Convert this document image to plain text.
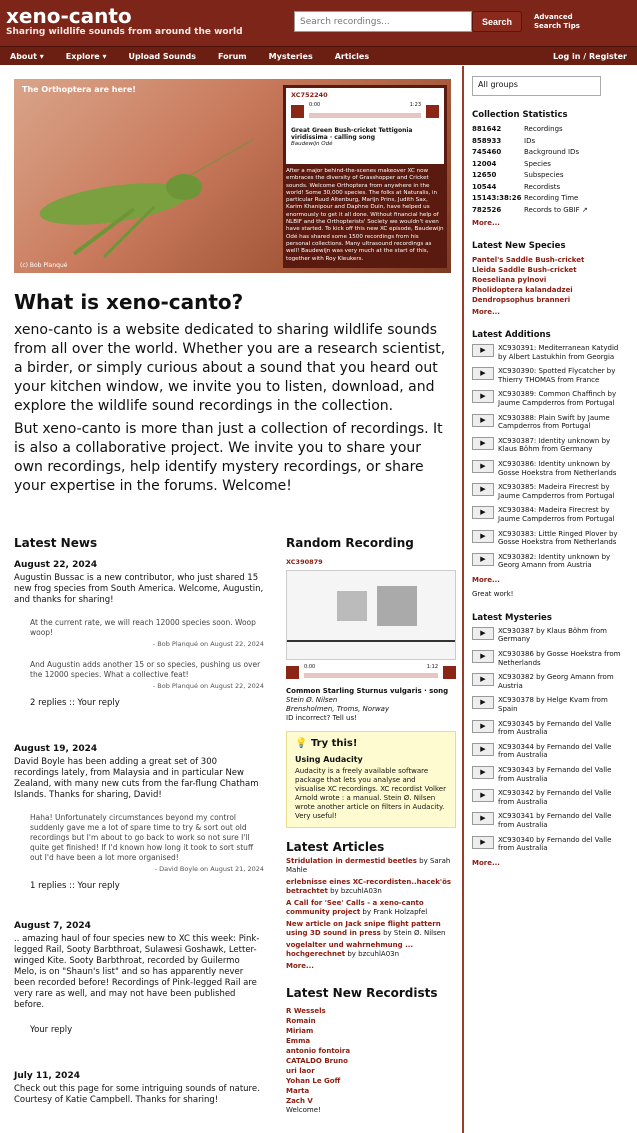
xeno-canto
Sharing wildlife sounds from around the world
Search recordings...
Search	Advanced Search Tips
About ▾	Explore ▾	Upload Sounds	Forum	Mysteries	Articles	Log in / Register
The Orthoptera are here!
(c) Bob Planqué
XC752240
0:00	1:23
Great Green Bush-cricket Tettigonia viridissima · calling song
Baudewijn Odé
After a major behind-the-scenes makeover XC now embraces the diversity of Grasshopper and Cricket sounds. Welcome Orthoptera from anywhere in the world! Some 30,000 species. The folks at Naturalis, in particular Ruud Altenburg, Marijn Prins, Judith Sax, Karim Khanipour and Daphne Duin, have helped us enormously to get it all done. Without financial help of NLBIF and the Orthopterists' Society we wouldn't even have started. To kick off this new XC episode, Baudewijn Odé has shared some 1500 recordings from his personal collections. Many ultrasound recordings as well! Baudewijn was very much at the start of this, together with Roy Kleukers.
What is xeno-canto?

xeno-canto is a website dedicated to sharing wildlife sounds from all over the world. Whether you are a research scientist, a birder, or simply curious about a sound that you heard out your kitchen window, we invite you to listen, download, and explore the wildlife sound recordings in the collection.

But xeno-canto is more than just a collection of recordings. It is also a collaborative project. We invite you to share your own recordings, help identify mystery recordings, or share your expertise in the forums. Welcome!

Latest News
August 22, 2024
Augustin Bussac is a new contributor, who just shared 15 new frog species from South America. Welcome, Augustin, and thanks for sharing!
At the current rate, we will reach 12000 species soon. Woop woop!
- Bob Planqué on August 22, 2024
And Augustin adds another 15 or so species, pushing us over the 12000 species. What a collective feat!
- Bob Planqué on August 22, 2024
2 replies :: Your reply
August 19, 2024
David Boyle has been adding a great set of 300 recordings lately, from Malaysia and in particular New Zealand, with many new cuts from the far-flung Chatham Islands. Thanks for sharing, David!
Haha! Unfortunately circumstances beyond my control suddenly gave me a lot of spare time to try & sort out old recordings but I'm about to go back to work so not sure I'll quite get finished! If I'd known how long it took to sort stuff out I'd have been a lot more organised!
- David Boyle on August 21, 2024
1 replies :: Your reply
August 7, 2024
.. amazing haul of four species new to XC this week: Pink-legged Rail, Sooty Barbthroat, Sulawesi Goshawk, Letter-winged Kite. Sooty Barbthroat, recorded by Guilermo Melo, is on "Shaun's list" and so has apparently never been recorded before! Recordings of Pink-legged Rail are very rare as well, and may not have been published before.
Your reply
July 11, 2024
Check out this page for some intriguing sounds of nature. Courtesy of Katie Campbell. Thanks for sharing!
Random Recording
XC390879
0:00	1:12
Common Starling Sturnus vulgaris · song
Stein Ø. Nilsen
Brensholmen, Troms, Norway
ID incorrect? Tell us!
💡 Try this!
Using Audacity
Audacity is a freely available software package that lets you analyse and visualise XC recordings. XC recordist Volker Arnold wrote : a manual. Stein Ø. Nilsen wrote another article on filters in Audacity. Very useful!
Latest Articles
Stridulation in dermestid beetles by Sarah Mahle
erlebnisse eines XC-recordisten..hacek'ös betrachtet by bzcuhlA03n
A Call for 'See' Calls - a xeno-canto community project by Frank Holzapfel
New article on Jack snipe flight pattern using 3D sound in press by Stein Ø. Nilsen
vogelalter und wahrnehmung ... hochgerechnet by bzcuhlA03n
More...
Latest New Recordists
R Wessels
Romain
Miriam
Emma
antonio fontoira
CATALDO Bruno
uri laor
Yohan Le Goff
Marta
Zach V
Welcome!
All groups
Collection Statistics
881642	Recordings
858933	IDs
745460	Background IDs
12004	Species
12650	Subspecies
10544	Recordists
15143:38:26 Recording Time
782526	Records to GBIF ↗
More...
Latest New Species
Pantel's Saddle Bush-cricket
Lleida Saddle Bush-cricket
Roeseliana pylnovi
Pholidoptera kalandadzei
Dendropsophus branneri
More...
Latest Additions
▶	XC930391: Mediterranean Katydid by Albert Lastukhin from Georgia
▶	XC930390: Spotted Flycatcher by Thierry THOMAS from France
▶	XC930389: Common Chaffinch by Jaume Campderros from Portugal
▶	XC930388: Plain Swift by Jaume Campderros from Portugal
▶	XC930387: Identity unknown by Klaus Böhm from Germany
▶	XC930386: Identity unknown by Gosse Hoekstra from Netherlands
▶	XC930385: Madeira Firecrest by Jaume Campderros from Portugal
▶	XC930384: Madeira Firecrest by Jaume Campderros from Portugal
▶	XC930383: Little Ringed Plover by Gosse Hoekstra from Netherlands
▶	XC930382: Identity unknown by Georg Amann from Austria
More...
Great work!
Latest Mysteries
▶	XC930387 by Klaus Böhm from Germany
▶	XC930386 by Gosse Hoekstra from Netherlands
▶	XC930382 by Georg Amann from Austria
▶	XC930378 by Helge Kvam from Spain
▶	XC930345 by Fernando del Valle from Australia
▶	XC930344 by Fernando del Valle from Australia
▶	XC930343 by Fernando del Valle from Australia
▶	XC930342 by Fernando del Valle from Australia
▶	XC930341 by Fernando del Valle from Australia
▶	XC930340 by Fernando del Valle from Australia
More...
